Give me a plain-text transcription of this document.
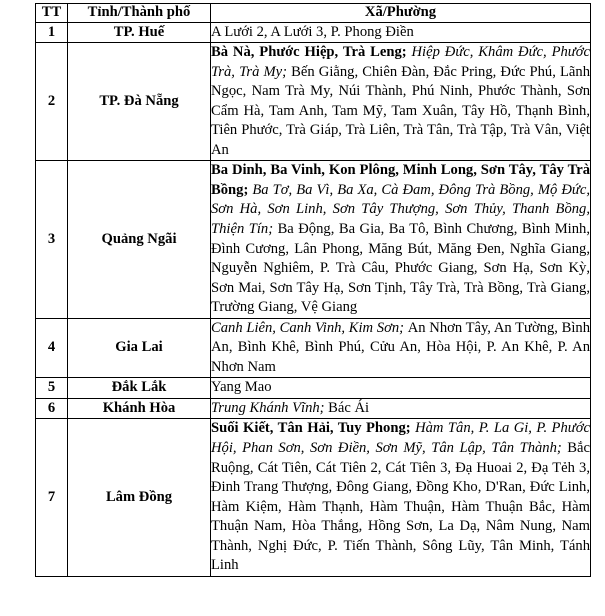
TT	Tỉnh/Thành phố	Xã/Phường
1	TP. Huế	A Lưới 2, A Lưới 3, P. Phong Điền
2	TP. Đà Nẵng	Bà Nà, Phước Hiệp, Trà Leng; Hiệp Đức, Khâm Đức, Phước Trà, Trà My; Bến Giằng, Chiên Đàn, Đắc Pring, Đức Phú, Lãnh Ngọc, Nam Trà My, Núi Thành, Phú Ninh, Phước Thành, Sơn Cẩm Hà, Tam Anh, Tam Mỹ, Tam Xuân, Tây Hồ, Thạnh Bình, Tiên Phước, Trà Giáp, Trà Liên, Trà Tân, Trà Tập, Trà Vân, Việt An
3	Quảng Ngãi	Ba Dinh, Ba Vinh, Kon Plông, Minh Long, Sơn Tây, Tây Trà Bồng; Ba Tơ, Ba Vì, Ba Xa, Cà Đam, Đông Trà Bồng, Mộ Đức, Sơn Hà, Sơn Linh, Sơn Tây Thượng, Sơn Thủy, Thanh Bồng, Thiện Tín; Ba Động, Ba Gia, Ba Tô, Bình Chương, Bình Minh, Đình Cương, Lân Phong, Măng Bút, Măng Đen, Nghĩa Giang, Nguyễn Nghiêm, P. Trà Câu, Phước Giang, Sơn Hạ, Sơn Kỳ, Sơn Mai, Sơn Tây Hạ, Sơn Tịnh, Tây Trà, Trà Bồng, Trà Giang, Trường Giang, Vệ Giang
4	Gia Lai	Canh Liên, Canh Vinh, Kim Sơn; An Nhơn Tây, An Tường, Bình An, Bình Khê, Bình Phú, Cửu An, Hòa Hội, P. An Khê, P. An Nhơn Nam
5	Đắk Lắk	Yang Mao
6	Khánh Hòa	Trung Khánh Vĩnh; Bác Ái
7	Lâm Đồng	Suối Kiết, Tân Hải, Tuy Phong; Hàm Tân, P. La Gi, P. Phước Hội, Phan Sơn, Sơn Điền, Sơn Mỹ, Tân Lập, Tân Thành; Bắc Ruộng, Cát Tiên, Cát Tiên 2, Cát Tiên 3, Đạ Huoai 2, Đạ Tẻh 3, Đinh Trang Thượng, Đông Giang, Đồng Kho, D'Ran, Đức Linh, Hàm Kiệm, Hàm Thạnh, Hàm Thuận, Hàm Thuận Bắc, Hàm Thuận Nam, Hòa Thắng, Hồng Sơn, La Dạ, Nâm Nung, Nam Thành, Nghị Đức, P. Tiến Thành, Sông Lũy, Tân Minh, Tánh Linh
